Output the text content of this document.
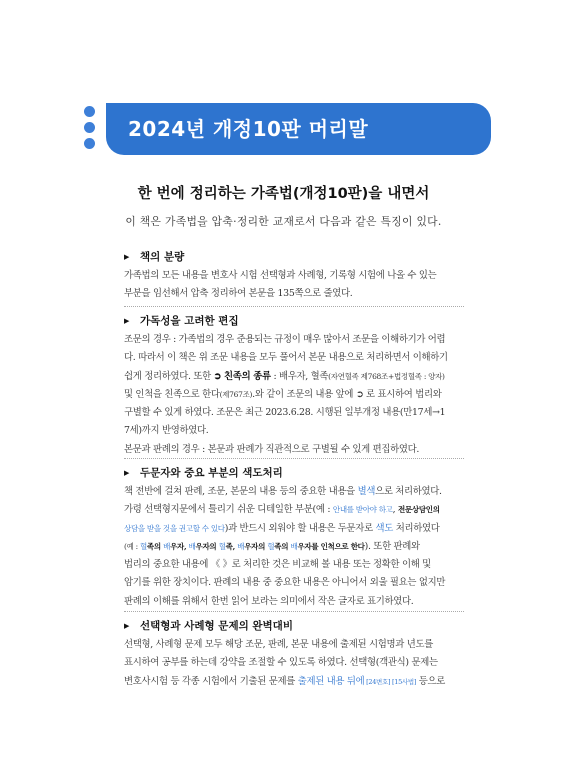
2024년 개정10판 머리말
한 번에 정리하는 가족법(개정10판)을 내면서
이 책은 가족법을 압축·정리한 교재로서 다음과 같은 특징이 있다.
▶ 책의 분량
가족법의 모든 내용을 변호사 시험 선택형과 사례형, 기록형 시험에 나올 수 있는
부분을 임선해서 압축 정리하여 본문을 135쪽으로 줄였다.
▶ 가독성을 고려한 편집
조문의 경우 : 가족법의 경우 준용되는 규정이 매우 많아서 조문을 이해하기가 어렵
다. 따라서 이 책은 위 조문 내용을 모두 풀어서 본문 내용으로 처리하면서 이해하기
쉽게 정리하였다. 또한 ➲ 친족의 종류 : 배우자, 혈족(자연혈족 제768조+법정혈족 : 양자)
및 인척을 친족으로 한다(제767조).와 같이 조문의 내용 앞에 ➲ 로 표시하여 법리와
구별할 수 있게 하였다. 조문은 최근 2023.6.28. 시행된 일부개정 내용(만17세→1
7세)까지 반영하였다.
본문과 판례의 경우 : 본문과 판례가 직관적으로 구별될 수 있게 편집하였다.
▶ 두문자와 중요 부분의 색도처리
책 전반에 걸쳐 판례, 조문, 본문의 내용 등의 중요한 내용을 별색으로 처리하였다.
가령 선택형지문에서 틀리기 쉬운 디테일한 부분(예 : 안내를 받아야 하고, 전문상담인의
상담을 받을 것을 권고할 수 있다)과 반드시 외워야 할 내용은 두문자로 색도 처리하였다
(예 : 혈족의 배우자, 배우자의 혈족, 배우자의 혈족의 배우자를 인척으로 한다). 또한 판례와
법리의 중요한 내용에 《 》로 처리한 것은 비교해 볼 내용 또는 정확한 이해 및
암기를 위한 장치이다. 판례의 내용 중 중요한 내용은 아니어서 외울 필요는 없지만
판례의 이해를 위해서 한번 읽어 보라는 의미에서 작은 글자로 표기하였다.
▶ 선택형과 사례형 문제의 완벽대비
선택형, 사례형 문제 모두 해당 조문, 판례, 본문 내용에 출제된 시험명과 년도를
표시하여 공부를 하는데 강약을 조절할 수 있도록 하였다. 선택형(객관식) 문제는
변호사시험 등 각종 시험에서 기출된 문제를 출제된 내용 뒤에 [24변호] [15사법] 등으로
